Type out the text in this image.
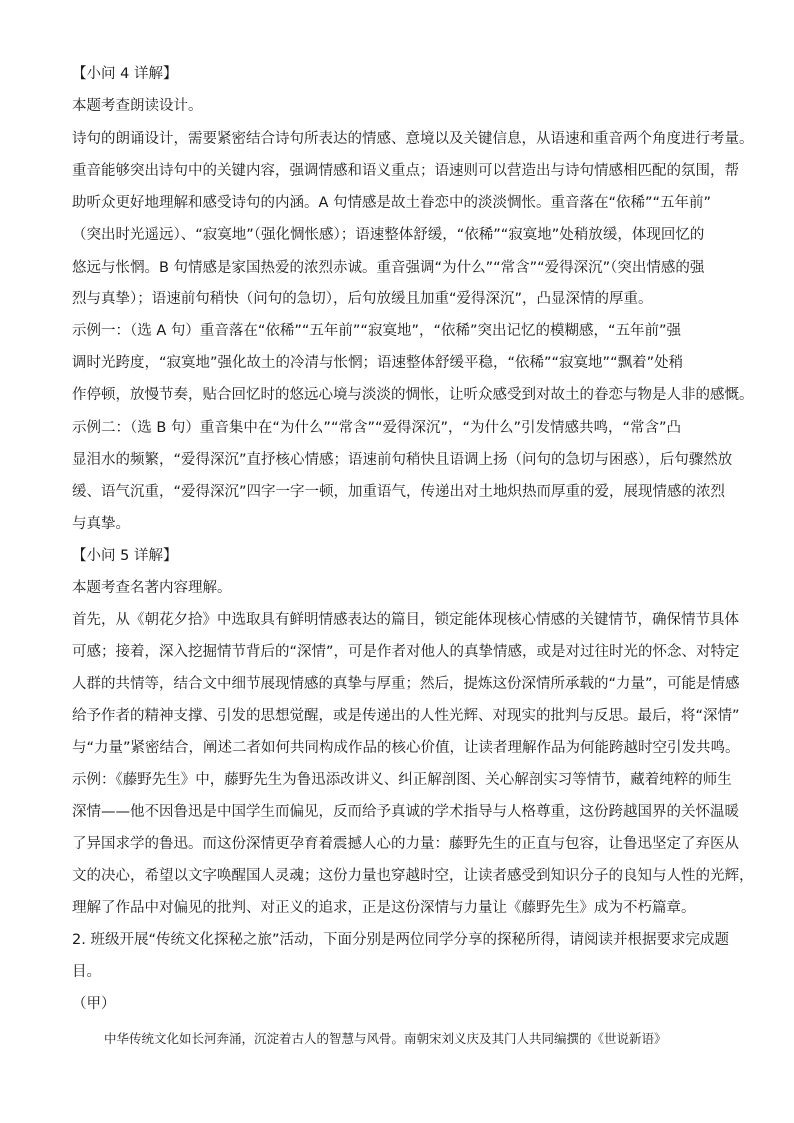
【小问 4 详解】
本题考查朗读设计。
诗句的朗诵设计，需要紧密结合诗句所表达的情感、意境以及关键信息，从语速和重音两个角度进行考量。
重音能够突出诗句中的关键内容，强调情感和语义重点；语速则可以营造出与诗句情感相匹配的氛围，帮
助听众更好地理解和感受诗句的内涵。A 句情感是故土眷恋中的淡淡惆怅。重音落在“依稀”“五年前”
（突出时光遥远）、“寂寞地”（强化惆怅感）；语速整体舒缓，“依稀”“寂寞地”处稍放缓，体现回忆的
悠远与怅惘。B 句情感是家国热爱的浓烈赤诚。重音强调“为什么”“常含”“爱得深沉”（突出情感的强
烈与真挚）；语速前句稍快（问句的急切），后句放缓且加重“爱得深沉”，凸显深情的厚重。
示例一：（选 A 句）重音落在“依稀”“五年前”“寂寞地”，“依稀”突出记忆的模糊感，“五年前”强
调时光跨度，“寂寞地”强化故土的冷清与怅惘；语速整体舒缓平稳，“依稀”“寂寞地”“飘着”处稍
作停顿，放慢节奏，贴合回忆时的悠远心境与淡淡的惆怅，让听众感受到对故土的眷恋与物是人非的感慨。
示例二：（选 B 句）重音集中在“为什么”“常含”“爱得深沉”，“为什么”引发情感共鸣，“常含”凸
显泪水的频繁，“爱得深沉”直抒核心情感；语速前句稍快且语调上扬（问句的急切与困惑），后句骤然放
缓、语气沉重，“爱得深沉”四字一字一顿，加重语气，传递出对土地炽热而厚重的爱，展现情感的浓烈
与真挚。
【小问 5 详解】
本题考查名著内容理解。
首先，从《朝花夕拾》中选取具有鲜明情感表达的篇目，锁定能体现核心情感的关键情节，确保情节具体
可感；接着，深入挖掘情节背后的“深情”，可是作者对他人的真挚情感，或是对过往时光的怀念、对特定
人群的共情等，结合文中细节展现情感的真挚与厚重；然后，提炼这份深情所承载的“力量”，可能是情感
给予作者的精神支撑、引发的思想觉醒，或是传递出的人性光辉、对现实的批判与反思。最后，将“深情”
与“力量”紧密结合，阐述二者如何共同构成作品的核心价值，让读者理解作品为何能跨越时空引发共鸣。
示例：《藤野先生》中，藤野先生为鲁迅添改讲义、纠正解剖图、关心解剖实习等情节，藏着纯粹的师生
深情——他不因鲁迅是中国学生而偏见，反而给予真诚的学术指导与人格尊重，这份跨越国界的关怀温暖
了异国求学的鲁迅。而这份深情更孕育着震撼人心的力量：藤野先生的正直与包容，让鲁迅坚定了弃医从
文的决心，希望以文字唤醒国人灵魂；这份力量也穿越时空，让读者感受到知识分子的良知与人性的光辉，
理解了作品中对偏见的批判、对正义的追求，正是这份深情与力量让《藤野先生》成为不朽篇章。
2. 班级开展“传统文化探秘之旅”活动，下面分别是两位同学分享的探秘所得，请阅读并根据要求完成题
目。
（甲）
中华传统文化如长河奔涌，沉淀着古人的智慧与风骨。南朝宋刘义庆及其门人共同编撰的《世说新语》
